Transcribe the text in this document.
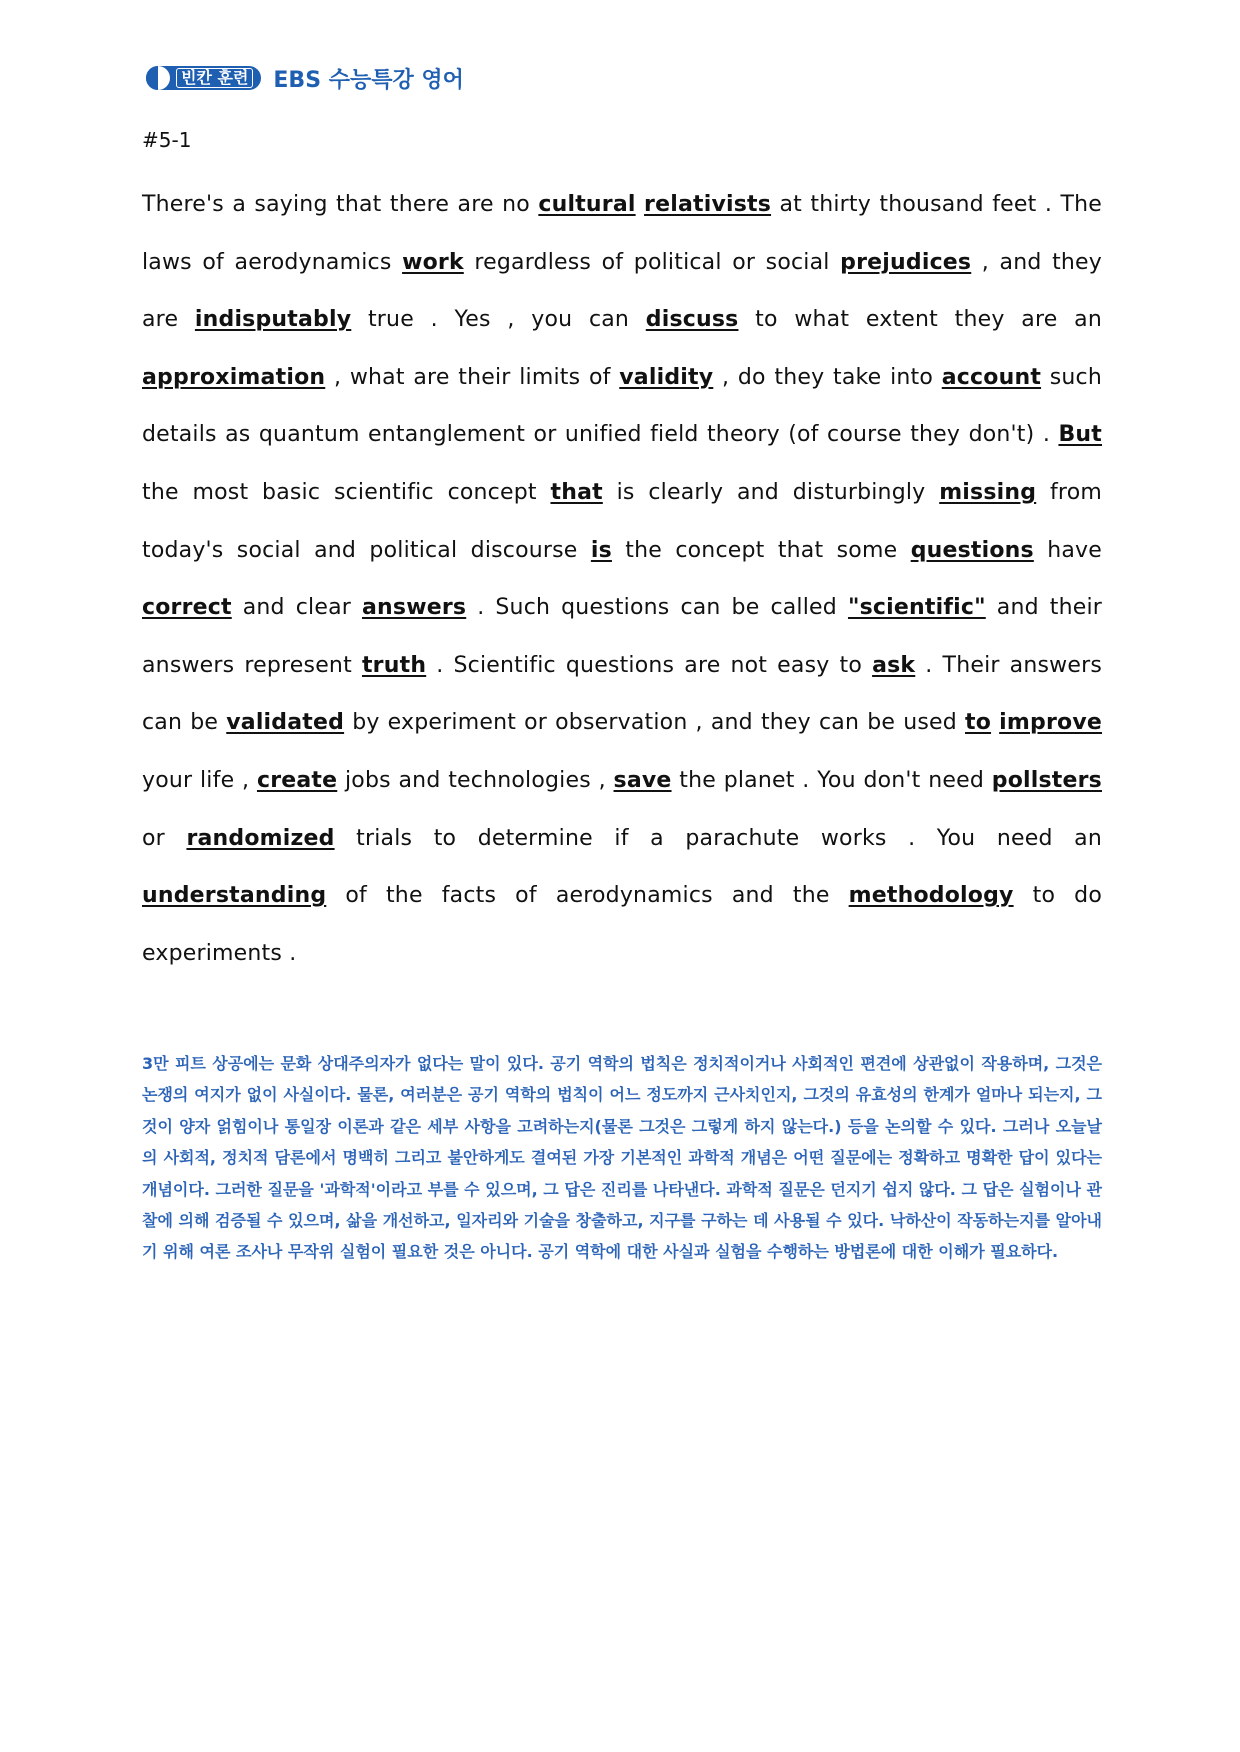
빈칸 훈련 EBS 수능특강 영어
#5-1
There's a saying that there are no cultural relativists at thirty thousand feet . The laws of aerodynamics work regardless of political or social prejudices , and they are indisputably true . Yes , you can discuss to what extent they are an approximation , what are their limits of validity , do they take into account such details as quantum entanglement or unified field theory (of course they don't) . But the most basic scientific concept that is clearly and disturbingly missing from today's social and political discourse is the concept that some questions have correct and clear answers . Such questions can be called "scientific" and their answers represent truth . Scientific questions are not easy to ask . Their answers can be validated by experiment or observation , and they can be used to improve your life , create jobs and technologies , save the planet . You don't need pollsters or randomized trials to determine if a parachute works . You need an understanding of the facts of aerodynamics and the methodology to do experiments .
3만 피트 상공에는 문화 상대주의자가 없다는 말이 있다. 공기 역학의 법칙은 정치적이거나 사회적인 편견에 상관없이 작용하며, 그것은 논쟁의 여지가 없이 사실이다. 물론, 여러분은 공기 역학의 법칙이 어느 정도까지 근사치인지, 그것의 유효성의 한계가 얼마나 되는지, 그것이 양자 얽힘이나 통일장 이론과 같은 세부 사항을 고려하는지(물론 그것은 그렇게 하지 않는다.) 등을 논의할 수 있다. 그러나 오늘날의 사회적, 정치적 담론에서 명백히 그리고 불안하게도 결여된 가장 기본적인 과학적 개념은 어떤 질문에는 정확하고 명확한 답이 있다는 개념이다. 그러한 질문을 '과학적'이라고 부를 수 있으며, 그 답은 진리를 나타낸다. 과학적 질문은 던지기 쉽지 않다. 그 답은 실험이나 관찰에 의해 검증될 수 있으며, 삶을 개선하고, 일자리와 기술을 창출하고, 지구를 구하는 데 사용될 수 있다. 낙하산이 작동하는지를 알아내기 위해 여론 조사나 무작위 실험이 필요한 것은 아니다. 공기 역학에 대한 사실과 실험을 수행하는 방법론에 대한 이해가 필요하다.
